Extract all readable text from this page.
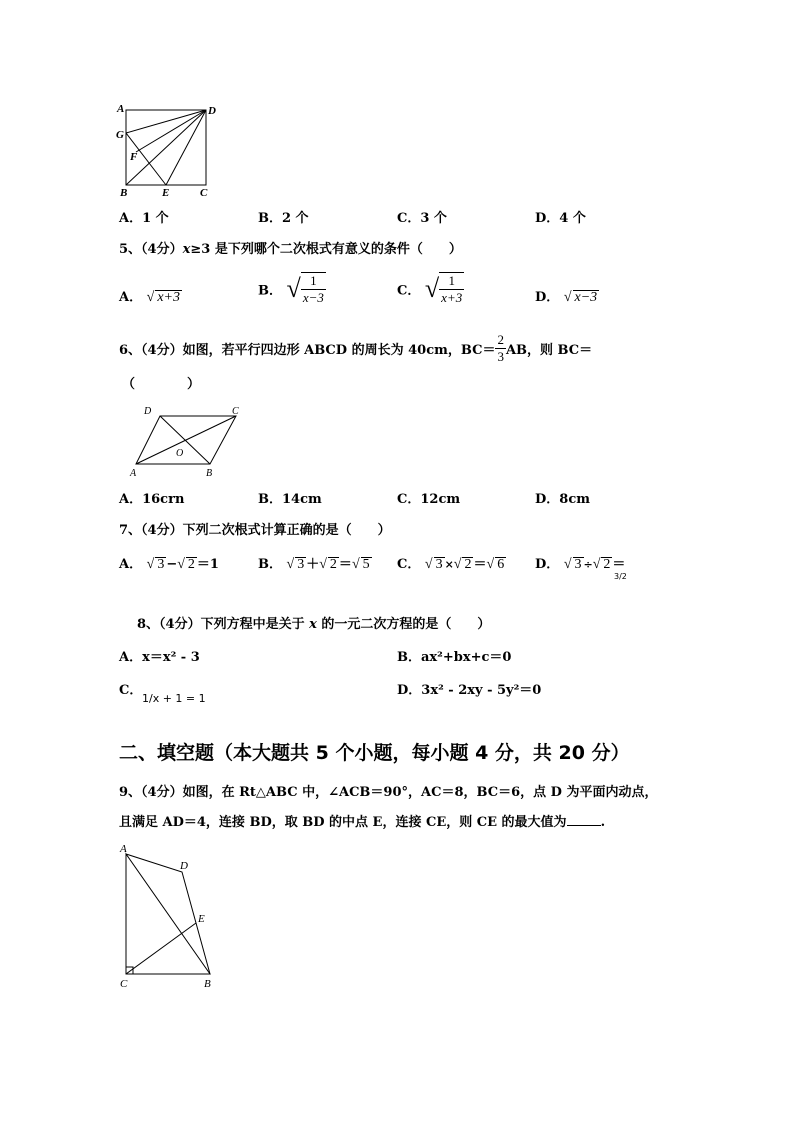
A	D
G
F
B	E	C
A．1 个	B．2 个	C．3 个	D．4 个
5、（4分）x≥3 是下列哪个二次根式有意义的条件（　　）
A． √ x+3	B． √ $\frac{1}{x-3}$	C． √ $\frac{1}{x+3}$	D． √ x−3
6、（4分）如图，若平行四边形 ABCD 的周长为 40cm，$BC= \frac{2}{3}$ AB，则 BC＝
（　　　　）
D	C
O
A	B
A．16crn	B．14cm	C．12cm	D．8cm
7、（4分）下列二次根式计算正确的是（　　）
A． √ 3 −√ 2 ＝1	B． √ 3 ＋√ 2 ＝√ 5 C． √ 3 ×√ 2 ＝√ 6 D． √ 3 ÷√ 2 ＝
3/2
8、（4分）下列方程中是关于 x 的一元二次方程的是（　　）
A．x＝x² - 3	B．ax²+bx+c＝0
C．
1/x + 1 = 1
D．3x² - 2xy - 5y²＝0
二、填空题（本大题共 5 个小题，每小题 4 分，共 20 分）
9、（4分）如图，在 Rt△ABC 中，∠ACB＝90°，AC＝8，BC＝6，点 D 为平面内动点，
且满足 AD＝4，连接 BD，取 BD 的中点 E，连接 CE，则 CE 的最大值为	.
A
D
E
C	B
